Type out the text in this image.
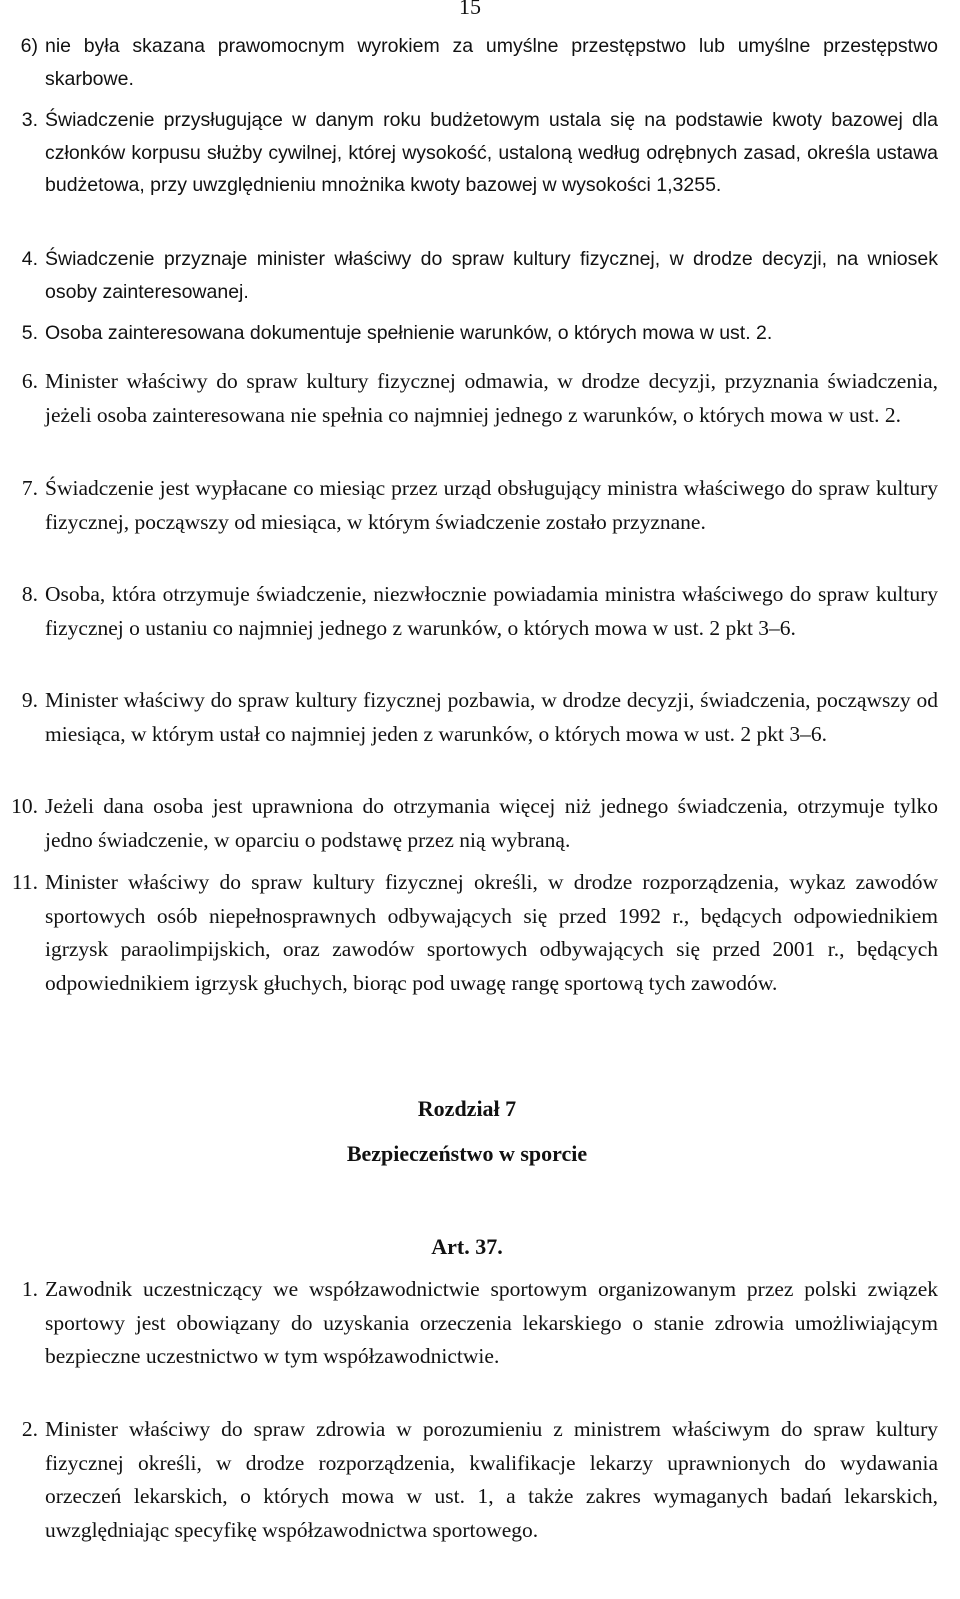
15
6) nie była skazana prawomocnym wyrokiem za umyślne przestępstwo lub umyślne przestępstwo skarbowe.
3. Świadczenie przysługujące w danym roku budżetowym ustala się na podstawie kwoty bazowej dla członków korpusu służby cywilnej, której wysokość, ustaloną według odrębnych zasad, określa ustawa budżetowa, przy uwzględnieniu mnożnika kwoty bazowej w wysokości 1,3255.
4. Świadczenie przyznaje minister właściwy do spraw kultury fizycznej, w drodze decyzji, na wniosek osoby zainteresowanej.
5. Osoba zainteresowana dokumentuje spełnienie warunków, o których mowa w ust. 2.
6. Minister właściwy do spraw kultury fizycznej odmawia, w drodze decyzji, przyznania świadczenia, jeżeli osoba zainteresowana nie spełnia co najmniej jednego z warunków, o których mowa w ust. 2.
7. Świadczenie jest wypłacane co miesiąc przez urząd obsługujący ministra właściwego do spraw kultury fizycznej, począwszy od miesiąca, w którym świadczenie zostało przyznane.
8. Osoba, która otrzymuje świadczenie, niezwłocznie powiadamia ministra właściwego do spraw kultury fizycznej o ustaniu co najmniej jednego z warunków, o których mowa w ust. 2 pkt 3–6.
9. Minister właściwy do spraw kultury fizycznej pozbawia, w drodze decyzji, świadczenia, począwszy od miesiąca, w którym ustał co najmniej jeden z warunków, o których mowa w ust. 2 pkt 3–6.
10. Jeżeli dana osoba jest uprawniona do otrzymania więcej niż jednego świadczenia, otrzymuje tylko jedno świadczenie, w oparciu o podstawę przez nią wybraną.
11. Minister właściwy do spraw kultury fizycznej określi, w drodze rozporządzenia, wykaz zawodów sportowych osób niepełnosprawnych odbywających się przed 1992 r., będących odpowiednikiem igrzysk paraolimpijskich, oraz zawodów sportowych odbywających się przed 2001 r., będących odpowiednikiem igrzysk głuchych, biorąc pod uwagę rangę sportową tych zawodów.
Rozdział 7
Bezpieczeństwo w sporcie
Art. 37.
1. Zawodnik uczestniczący we współzawodnictwie sportowym organizowanym przez polski związek sportowy jest obowiązany do uzyskania orzeczenia lekarskiego o stanie zdrowia umożliwiającym bezpieczne uczestnictwo w tym współzawodnictwie.
2. Minister właściwy do spraw zdrowia w porozumieniu z ministrem właściwym do spraw kultury fizycznej określi, w drodze rozporządzenia, kwalifikacje lekarzy uprawnionych do wydawania orzeczeń lekarskich, o których mowa w ust. 1, a także zakres wymaganych badań lekarskich, uwzględniając specyfikę współzawodnictwa sportowego.
